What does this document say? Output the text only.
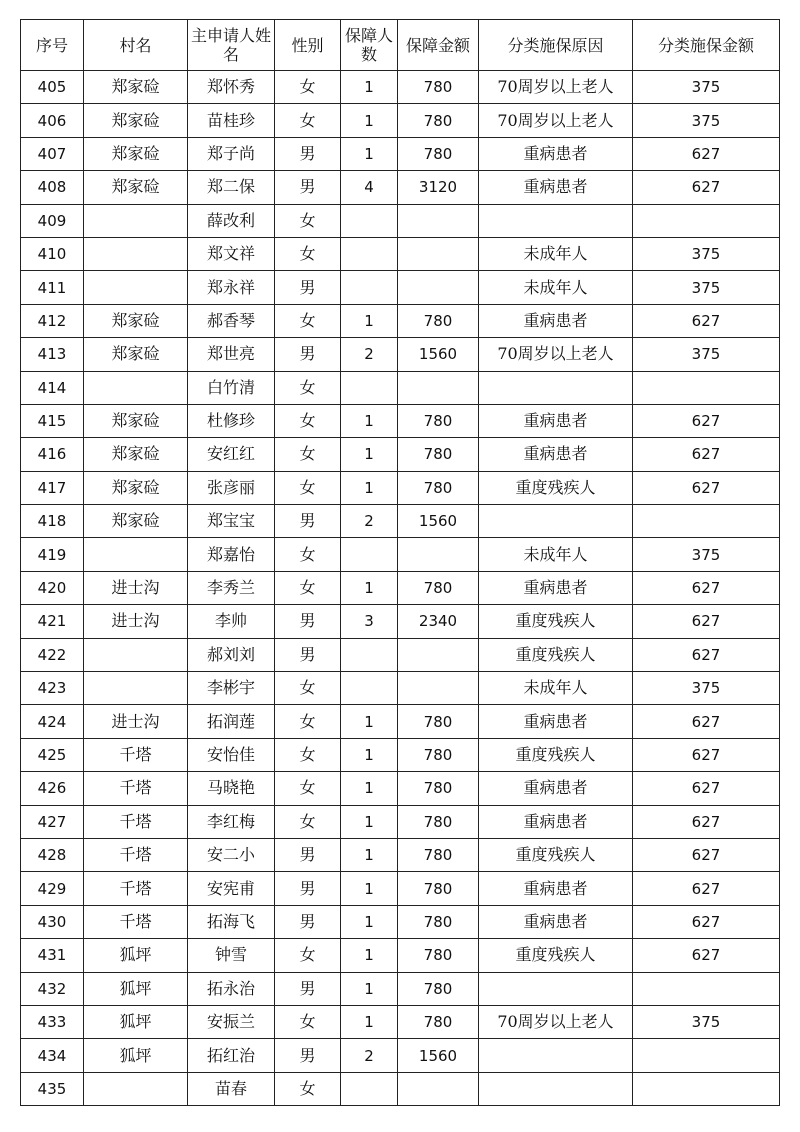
序号	村名	主申请人姓名	性别	保障人数	保障金额	分类施保原因	分类施保金额
405	郑家硷	郑怀秀	女	1	780	70周岁以上老人	375
406	郑家硷	苗桂珍	女	1	780	70周岁以上老人	375
407	郑家硷	郑子尚	男	1	780	重病患者	627
408	郑家硷	郑二保	男	4	3120	重病患者	627
409		薛改利	女				
410		郑文祥	女			未成年人	375
411		郑永祥	男			未成年人	375
412	郑家硷	郝香琴	女	1	780	重病患者	627
413	郑家硷	郑世亮	男	2	1560	70周岁以上老人	375
414		白竹清	女				
415	郑家硷	杜修珍	女	1	780	重病患者	627
416	郑家硷	安红红	女	1	780	重病患者	627
417	郑家硷	张彦丽	女	1	780	重度残疾人	627
418	郑家硷	郑宝宝	男	2	1560		
419		郑嘉怡	女			未成年人	375
420	进士沟	李秀兰	女	1	780	重病患者	627
421	进士沟	李帅	男	3	2340	重度残疾人	627
422		郝刘刘	男			重度残疾人	627
423		李彬宇	女			未成年人	375
424	进士沟	拓润莲	女	1	780	重病患者	627
425	千塔	安怡佳	女	1	780	重度残疾人	627
426	千塔	马晓艳	女	1	780	重病患者	627
427	千塔	李红梅	女	1	780	重病患者	627
428	千塔	安二小	男	1	780	重度残疾人	627
429	千塔	安宪甫	男	1	780	重病患者	627
430	千塔	拓海飞	男	1	780	重病患者	627
431	狐坪	钟雪	女	1	780	重度残疾人	627
432	狐坪	拓永治	男	1	780		
433	狐坪	安振兰	女	1	780	70周岁以上老人	375
434	狐坪	拓红治	男	2	1560		
435		苗春	女				
